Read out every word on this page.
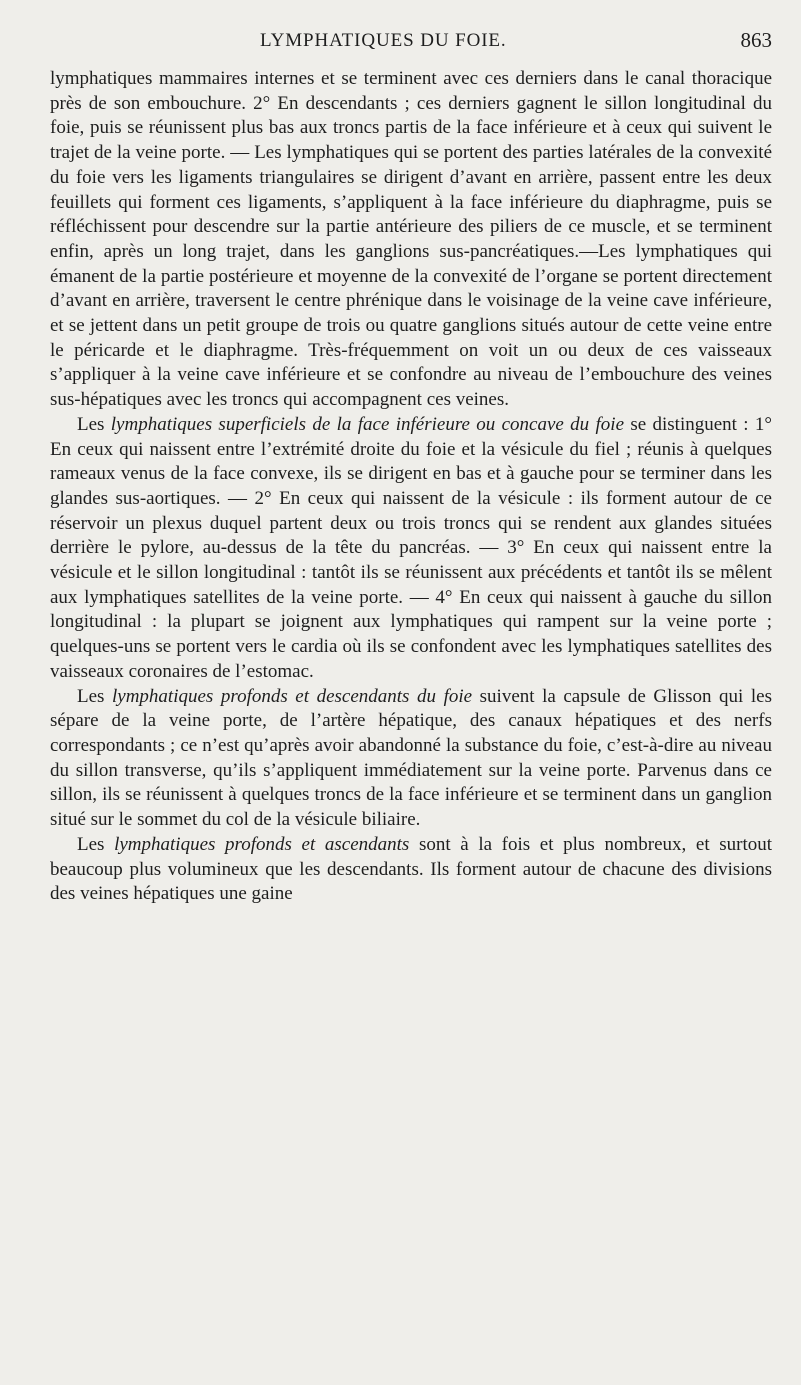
LYMPHATIQUES DU FOIE.	863

lymphatiques mammaires internes et se terminent avec ces derniers dans le canal thoracique près de son embouchure. 2° En descendants ; ces derniers gagnent le sillon longitudinal du foie, puis se réunissent plus bas aux troncs partis de la face inférieure et à ceux qui suivent le trajet de la veine porte. — Les lymphatiques qui se portent des parties latérales de la convexité du foie vers les ligaments triangulaires se dirigent d’avant en arrière, passent entre les deux feuillets qui forment ces ligaments, s’appliquent à la face inférieure du diaphragme, puis se réfléchissent pour descendre sur la partie antérieure des piliers de ce muscle, et se terminent enfin, après un long trajet, dans les ganglions sus-pancréatiques.—Les lymphatiques qui émanent de la partie postérieure et moyenne de la convexité de l’organe se portent directement d’avant en arrière, traversent le centre phrénique dans le voisinage de la veine cave inférieure, et se jettent dans un petit groupe de trois ou quatre ganglions situés autour de cette veine entre le péricarde et le diaphragme. Très-fréquemment on voit un ou deux de ces vaisseaux s’appliquer à la veine cave inférieure et se confondre au niveau de l’embouchure des veines sus-hépatiques avec les troncs qui accompagnent ces veines.

Les lymphatiques superficiels de la face inférieure ou concave du foie se distinguent : 1° En ceux qui naissent entre l’extrémité droite du foie et la vésicule du fiel ; réunis à quelques rameaux venus de la face convexe, ils se dirigent en bas et à gauche pour se terminer dans les glandes sus-aortiques. — 2° En ceux qui naissent de la vésicule : ils forment autour de ce réservoir un plexus duquel partent deux ou trois troncs qui se rendent aux glandes situées derrière le pylore, au-dessus de la tête du pancréas. — 3° En ceux qui naissent entre la vésicule et le sillon longitudinal : tantôt ils se réunissent aux précédents et tantôt ils se mêlent aux lymphatiques satellites de la veine porte. — 4° En ceux qui naissent à gauche du sillon longitudinal : la plupart se joignent aux lymphatiques qui rampent sur la veine porte ; quelques-uns se portent vers le cardia où ils se confondent avec les lymphatiques satellites des vaisseaux coronaires de l’estomac.

Les lymphatiques profonds et descendants du foie suivent la capsule de Glisson qui les sépare de la veine porte, de l’artère hépatique, des canaux hépatiques et des nerfs correspondants ; ce n’est qu’après avoir abandonné la substance du foie, c’est-à-dire au niveau du sillon transverse, qu’ils s’appliquent immédiatement sur la veine porte. Parvenus dans ce sillon, ils se réunissent à quelques troncs de la face inférieure et se terminent dans un ganglion situé sur le sommet du col de la vésicule biliaire.

Les lymphatiques profonds et ascendants sont à la fois et plus nombreux, et surtout beaucoup plus volumineux que les descendants. Ils forment autour de chacune des divisions des veines hépatiques une gaine
